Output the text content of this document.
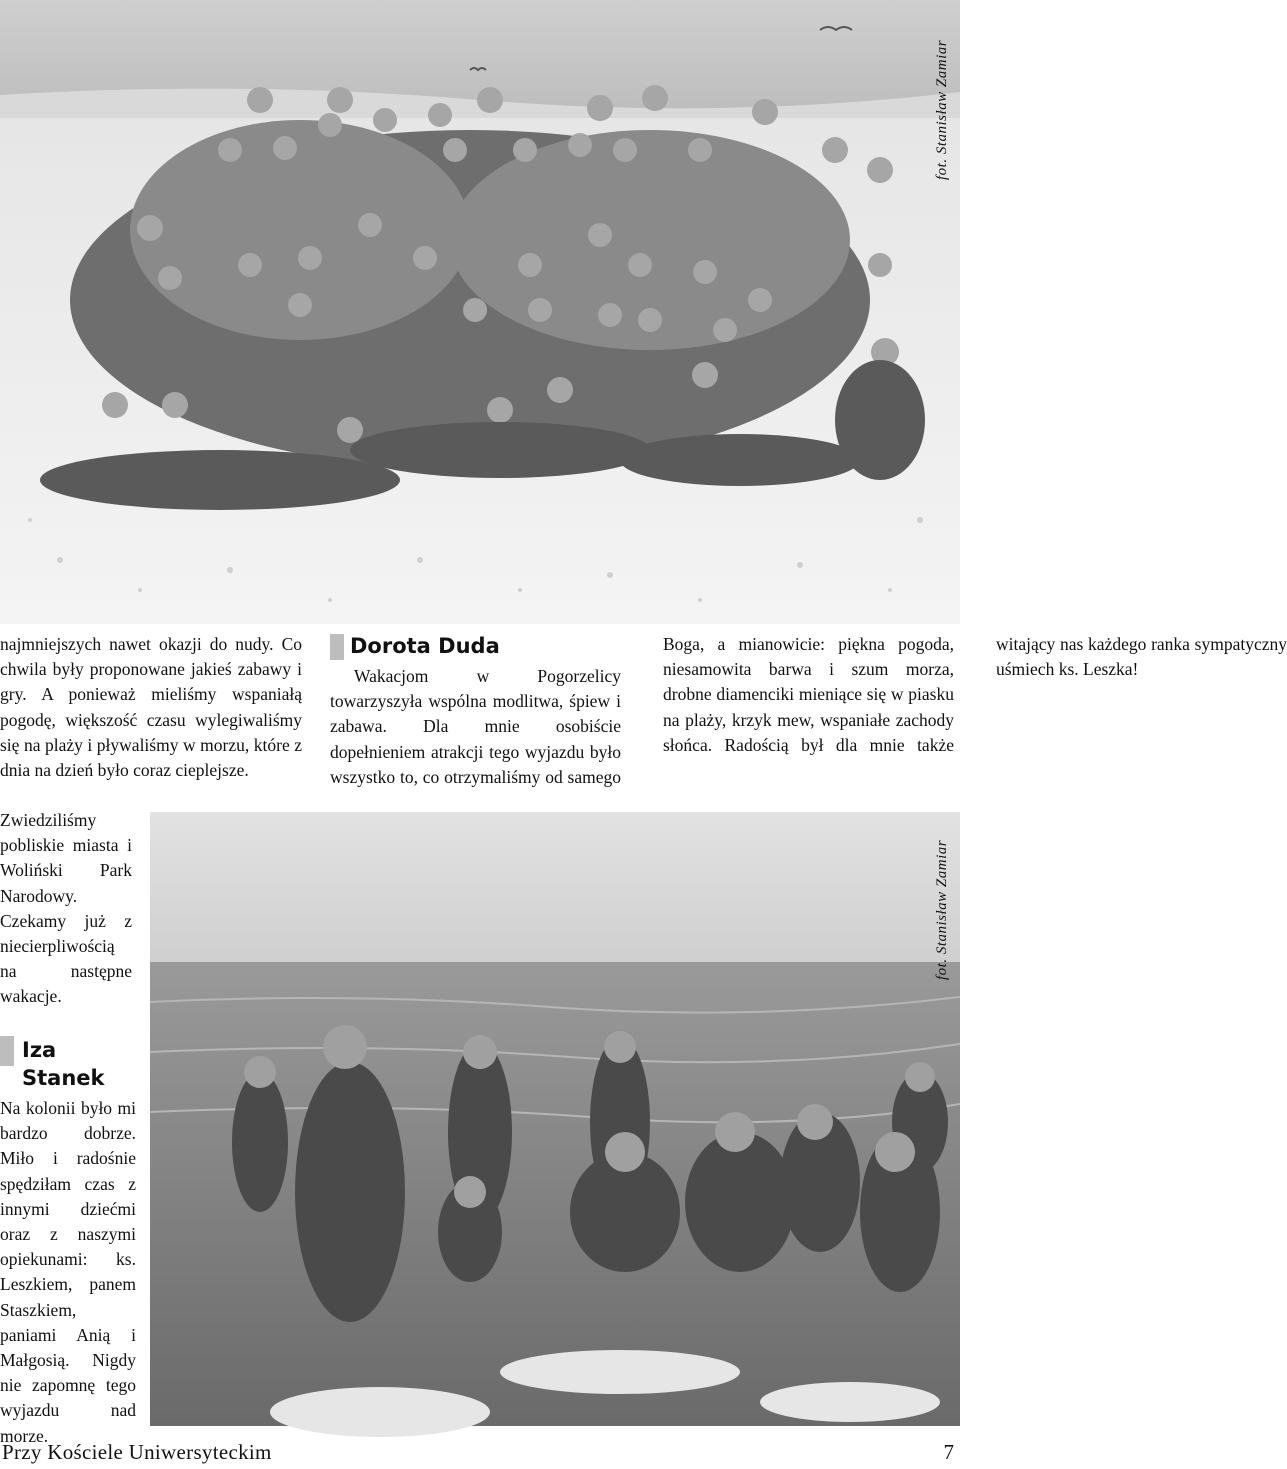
fot. Stanisław Zamiar

najmniejszych nawet okazji do nudy. Co chwila były proponowane jakieś zabawy i gry. A ponieważ mieliśmy wspaniałą pogodę, większość czasu wylegiwaliśmy się na plaży i pływaliśmy w morzu, które z dnia na dzień było coraz cieplejsze.

Zwiedziliśmy pobliskie miasta i Woliński Park Narodowy. Czekamy już z niecierpliwością na następne wakacje.

Iza Stanek

Na kolonii było mi bardzo dobrze. Miło i radośnie spędziłam czas z innymi dziećmi oraz z naszymi opiekunami: ks. Leszkiem, panem Staszkiem, paniami Anią i Małgosią. Nigdy nie zapomnę tego wyjazdu nad morze.

Dorota Duda

Wakacjom w Pogorzelicy towarzyszyła wspólna modlitwa, śpiew i zabawa. Dla mnie osobiście dopełnieniem atrakcji tego wyjazdu było wszystko to, co otrzymaliśmy od samego Boga, a mianowicie: piękna pogoda, niesamowita barwa i szum morza, drobne diamenciki mieniące się w piasku na plaży, krzyk mew, wspaniałe zachody słońca. Radością był dla mnie także witający nas każdego ranka sympatyczny uśmiech ks. Leszka!

fot. Stanisław Zamiar
Przy Kościele Uniwersyteckim	7
